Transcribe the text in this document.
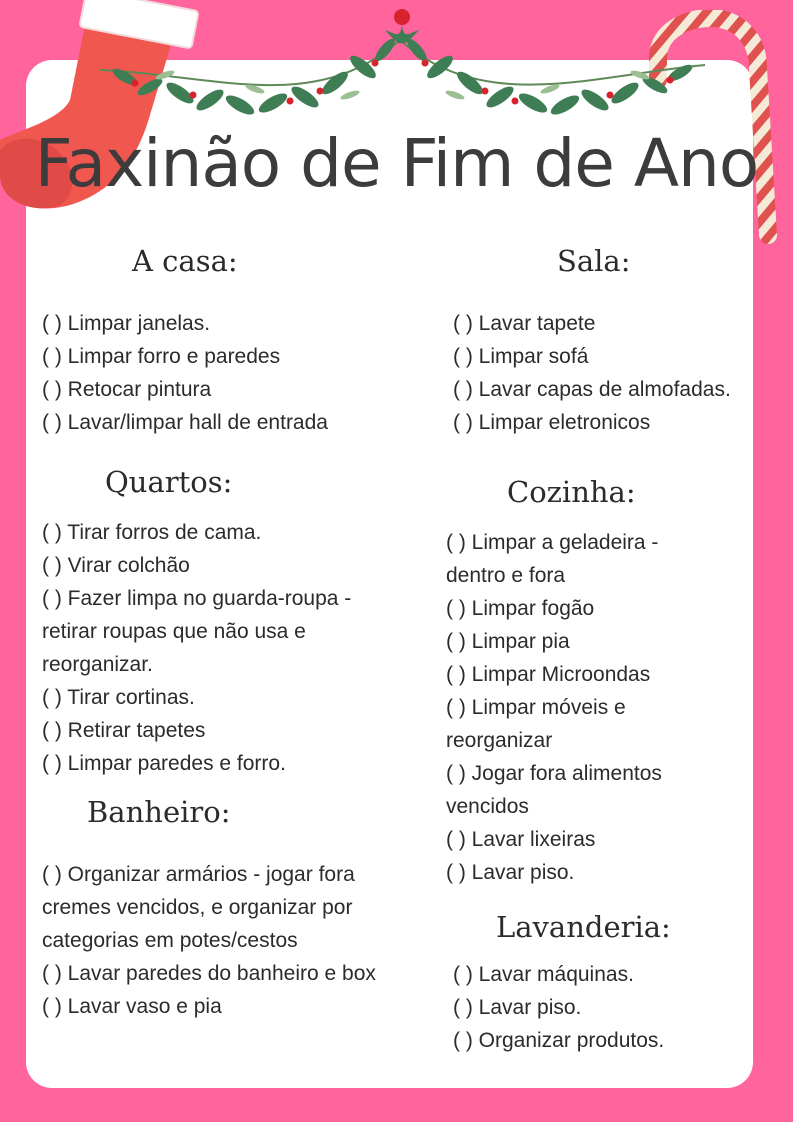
Faxinão de Fim de Ano
A casa:
( ) Limpar janelas.
( ) Limpar forro e paredes
( ) Retocar pintura
( ) Lavar/limpar hall de entrada
Quartos:
( ) Tirar forros de cama.
( ) Virar colchão
( ) Fazer limpa no guarda-roupa -
retirar roupas que não usa e
reorganizar.
( ) Tirar cortinas.
( ) Retirar tapetes
( ) Limpar paredes e forro.
Banheiro:
( ) Organizar armários - jogar fora
cremes vencidos, e organizar por
categorias em potes/cestos
( ) Lavar paredes do banheiro e box
( ) Lavar vaso e pia
Sala:
( ) Lavar tapete
( ) Limpar sofá
( ) Lavar capas de almofadas.
( ) Limpar eletronicos
Cozinha:
( ) Limpar a geladeira -
dentro e fora
( ) Limpar fogão
( ) Limpar pia
( ) Limpar Microondas
( ) Limpar móveis e
reorganizar
( ) Jogar fora alimentos
vencidos
( ) Lavar lixeiras
( ) Lavar piso.
Lavanderia:
( ) Lavar máquinas.
( ) Lavar piso.
( ) Organizar produtos.
